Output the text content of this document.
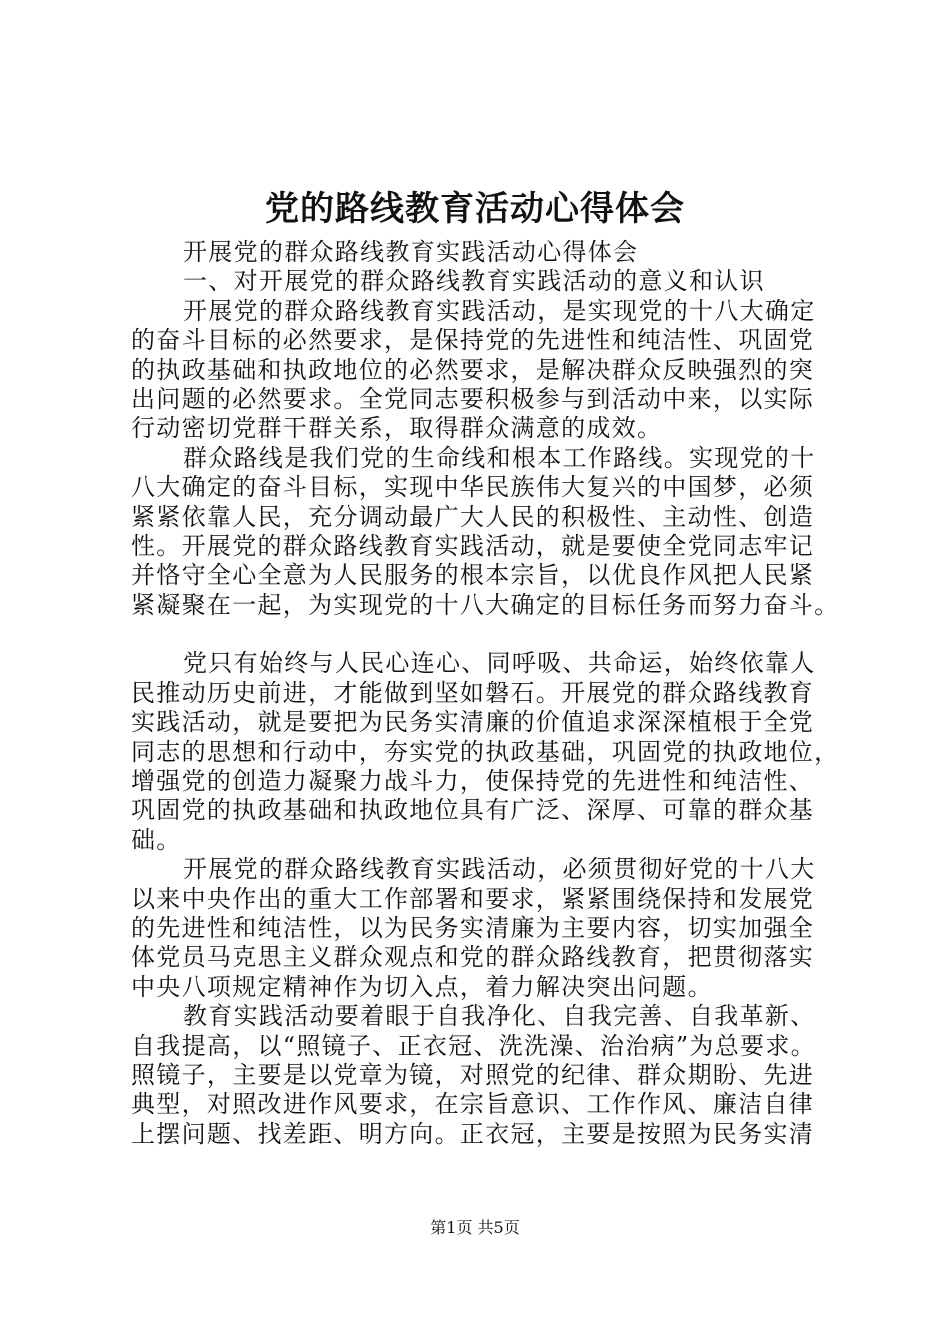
党的路线教育活动心得体会
开展党的群众路线教育实践活动心得体会
一、对开展党的群众路线教育实践活动的意义和认识
开展党的群众路线教育实践活动，是实现党的十八大确定
的奋斗目标的必然要求，是保持党的先进性和纯洁性、巩固党
的执政基础和执政地位的必然要求，是解决群众反映强烈的突
出问题的必然要求。全党同志要积极参与到活动中来，以实际
行动密切党群干群关系，取得群众满意的成效。
群众路线是我们党的生命线和根本工作路线。实现党的十
八大确定的奋斗目标，实现中华民族伟大复兴的中国梦，必须
紧紧依靠人民，充分调动最广大人民的积极性、主动性、创造
性。开展党的群众路线教育实践活动，就是要使全党同志牢记
并恪守全心全意为人民服务的根本宗旨，以优良作风把人民紧
紧凝聚在一起，为实现党的十八大确定的目标任务而努力奋斗。
党只有始终与人民心连心、同呼吸、共命运，始终依靠人
民推动历史前进，才能做到坚如磐石。开展党的群众路线教育
实践活动，就是要把为民务实清廉的价值追求深深植根于全党
同志的思想和行动中，夯实党的执政基础，巩固党的执政地位，
增强党的创造力凝聚力战斗力，使保持党的先进性和纯洁性、
巩固党的执政基础和执政地位具有广泛、深厚、可靠的群众基
础。
开展党的群众路线教育实践活动，必须贯彻好党的十八大
以来中央作出的重大工作部署和要求，紧紧围绕保持和发展党
的先进性和纯洁性，以为民务实清廉为主要内容，切实加强全
体党员马克思主义群众观点和党的群众路线教育，把贯彻落实
中央八项规定精神作为切入点，着力解决突出问题。
教育实践活动要着眼于自我净化、自我完善、自我革新、
自我提高，以“照镜子、正衣冠、洗洗澡、治治病”为总要求。
照镜子，主要是以党章为镜，对照党的纪律、群众期盼、先进
典型，对照改进作风要求，在宗旨意识、工作作风、廉洁自律
上摆问题、找差距、明方向。正衣冠，主要是按照为民务实清
第1页 共5页
